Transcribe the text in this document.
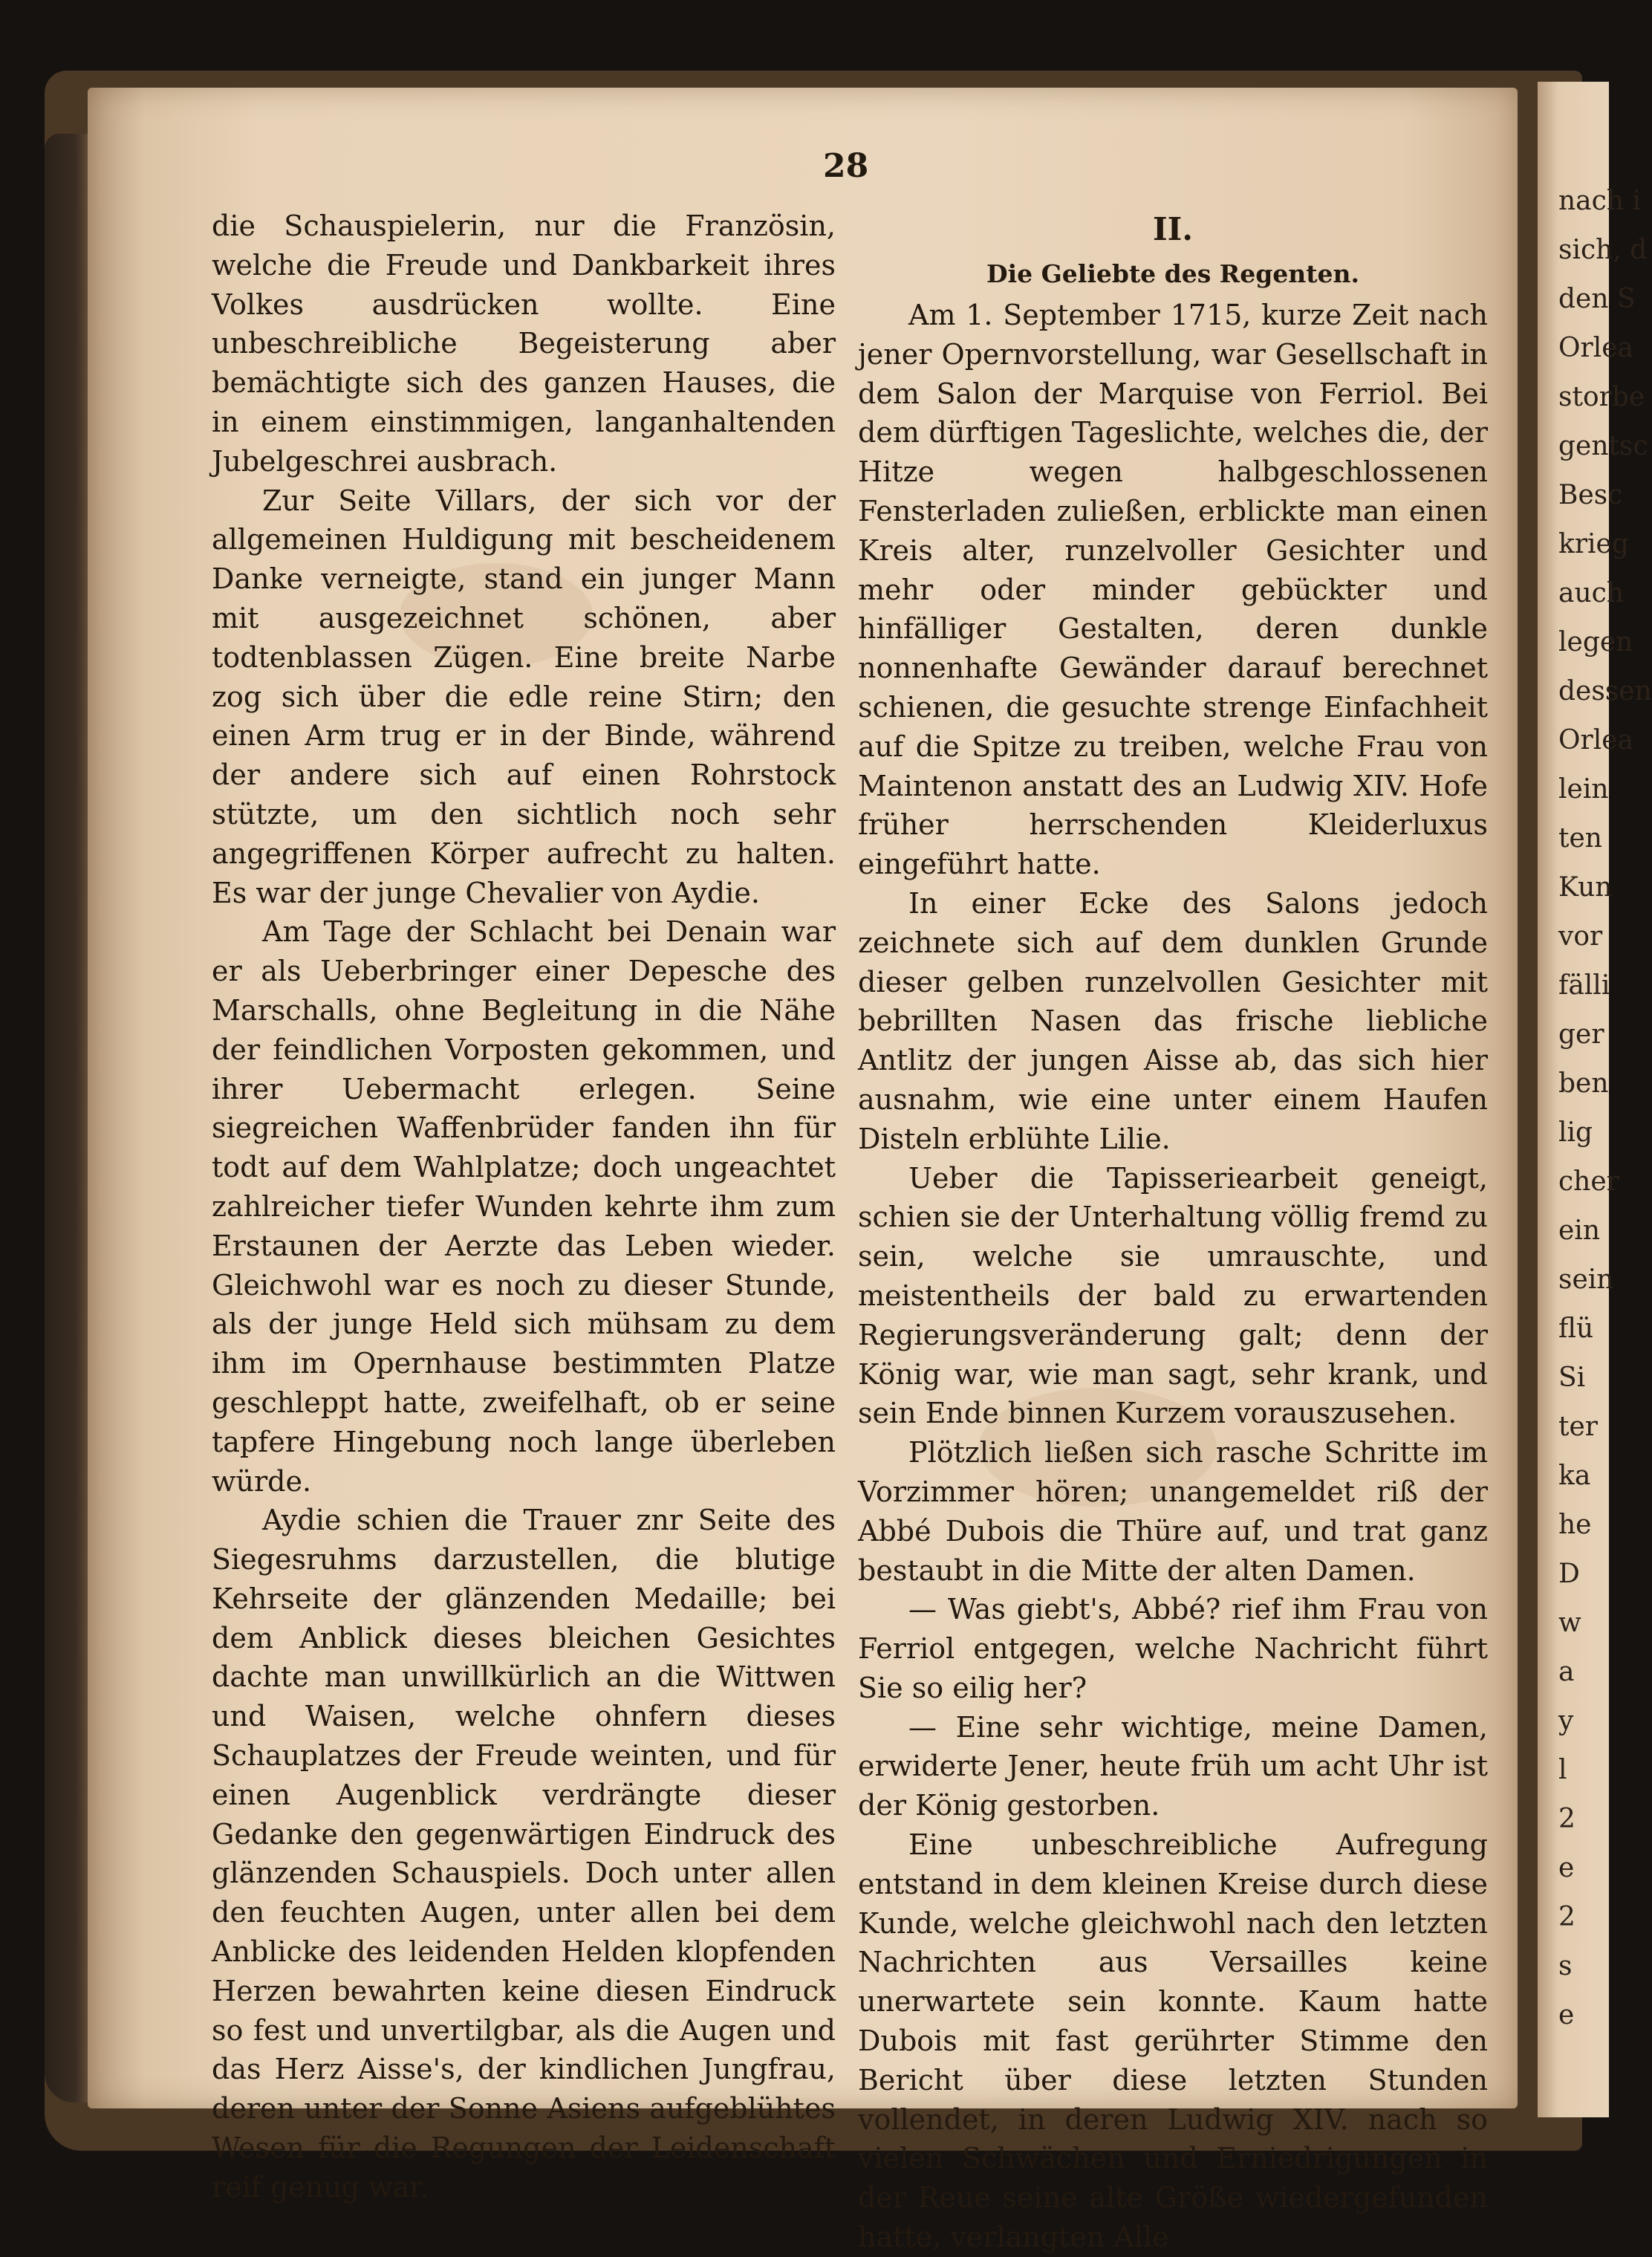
nach i
sich, d
den S
Orlea
storbe
gentsc
Besc
krieg
auch
legen
dessen
Orlea
lein
ten
Kun
vor
fälli
ger
ben
lig
cher
ein
sein
flü
Si
ter
ka
he
D
w
a
y
l
2
e
2
s
e
28

die Schauspielerin, nur die Französin, welche die Freude und Dankbarkeit ihres Volkes ausdrücken wollte. Eine unbeschreibliche Begeisterung aber bemächtigte sich des ganzen Hauses, die in einem einstimmigen, langanhaltenden Jubelgeschrei ausbrach.

Zur Seite Villars, der sich vor der allgemeinen Huldigung mit bescheidenem Danke verneigte, stand ein junger Mann mit ausgezeichnet schönen, aber todtenblassen Zügen. Eine breite Narbe zog sich über die edle reine Stirn; den einen Arm trug er in der Binde, während der andere sich auf einen Rohrstock stützte, um den sichtlich noch sehr angegriffenen Körper aufrecht zu halten. Es war der junge Chevalier von Aydie.

Am Tage der Schlacht bei Denain war er als Ueberbringer einer Depesche des Marschalls, ohne Begleitung in die Nähe der feindlichen Vorposten gekommen, und ihrer Uebermacht erlegen. Seine siegreichen Waffenbrüder fanden ihn für todt auf dem Wahlplatze; doch ungeachtet zahlreicher tiefer Wunden kehrte ihm zum Erstaunen der Aerzte das Leben wieder. Gleichwohl war es noch zu dieser Stunde, als der junge Held sich mühsam zu dem ihm im Opernhause bestimmten Platze geschleppt hatte, zweifelhaft, ob er seine tapfere Hingebung noch lange überleben würde.

Aydie schien die Trauer znr Seite des Siegesruhms darzustellen, die blutige Kehrseite der glänzenden Medaille; bei dem Anblick dieses bleichen Gesichtes dachte man unwillkürlich an die Wittwen und Waisen, welche ohnfern dieses Schauplatzes der Freude weinten, und für einen Augenblick verdrängte dieser Gedanke den gegenwärtigen Eindruck des glänzenden Schauspiels. Doch unter allen den feuchten Augen, unter allen bei dem Anblicke des leidenden Helden klopfenden Herzen bewahrten keine diesen Eindruck so fest und unvertilgbar, als die Augen und das Herz Aisse's, der kindlichen Jungfrau, deren unter der Sonne Asiens aufgeblühtes Wesen für die Regungen der Leidenschaft reif genug war.

II.

Die Geliebte des Regenten.

Am 1. September 1715, kurze Zeit nach jener Opernvorstellung, war Gesellschaft in dem Salon der Marquise von Ferriol. Bei dem dürftigen Tageslichte, welches die, der Hitze wegen halbgeschlossenen Fensterladen zuließen, erblickte man einen Kreis alter, runzelvoller Gesichter und mehr oder minder gebückter und hinfälliger Gestalten, deren dunkle nonnenhafte Gewänder darauf berechnet schienen, die gesuchte strenge Einfachheit auf die Spitze zu treiben, welche Frau von Maintenon anstatt des an Ludwig XIV. Hofe früher herrschenden Kleiderluxus eingeführt hatte.

In einer Ecke des Salons jedoch zeichnete sich auf dem dunklen Grunde dieser gelben runzelvollen Gesichter mit bebrillten Nasen das frische liebliche Antlitz der jungen Aisse ab, das sich hier ausnahm, wie eine unter einem Haufen Disteln erblühte Lilie.

Ueber die Tapisseriearbeit geneigt, schien sie der Unterhaltung völlig fremd zu sein, welche sie umrauschte, und meistentheils der bald zu erwartenden Regierungsveränderung galt; denn der König war, wie man sagt, sehr krank, und sein Ende binnen Kurzem vorauszusehen.

Plötzlich ließen sich rasche Schritte im Vorzimmer hören; unangemeldet riß der Abbé Dubois die Thüre auf, und trat ganz bestaubt in die Mitte der alten Damen.

— Was giebt's, Abbé? rief ihm Frau von Ferriol entgegen, welche Nachricht führt Sie so eilig her?

— Eine sehr wichtige, meine Damen, erwiderte Jener, heute früh um acht Uhr ist der König gestorben.

Eine unbeschreibliche Aufregung entstand in dem kleinen Kreise durch diese Kunde, welche gleichwohl nach den letzten Nachrichten aus Versailles keine unerwartete sein konnte. Kaum hatte Dubois mit fast gerührter Stimme den Bericht über diese letzten Stunden vollendet, in deren Ludwig XIV. nach so vielen Schwächen und Erniedrigungen in der Reue seine alte Größe wiedergefunden hatte, verlangten Alle
